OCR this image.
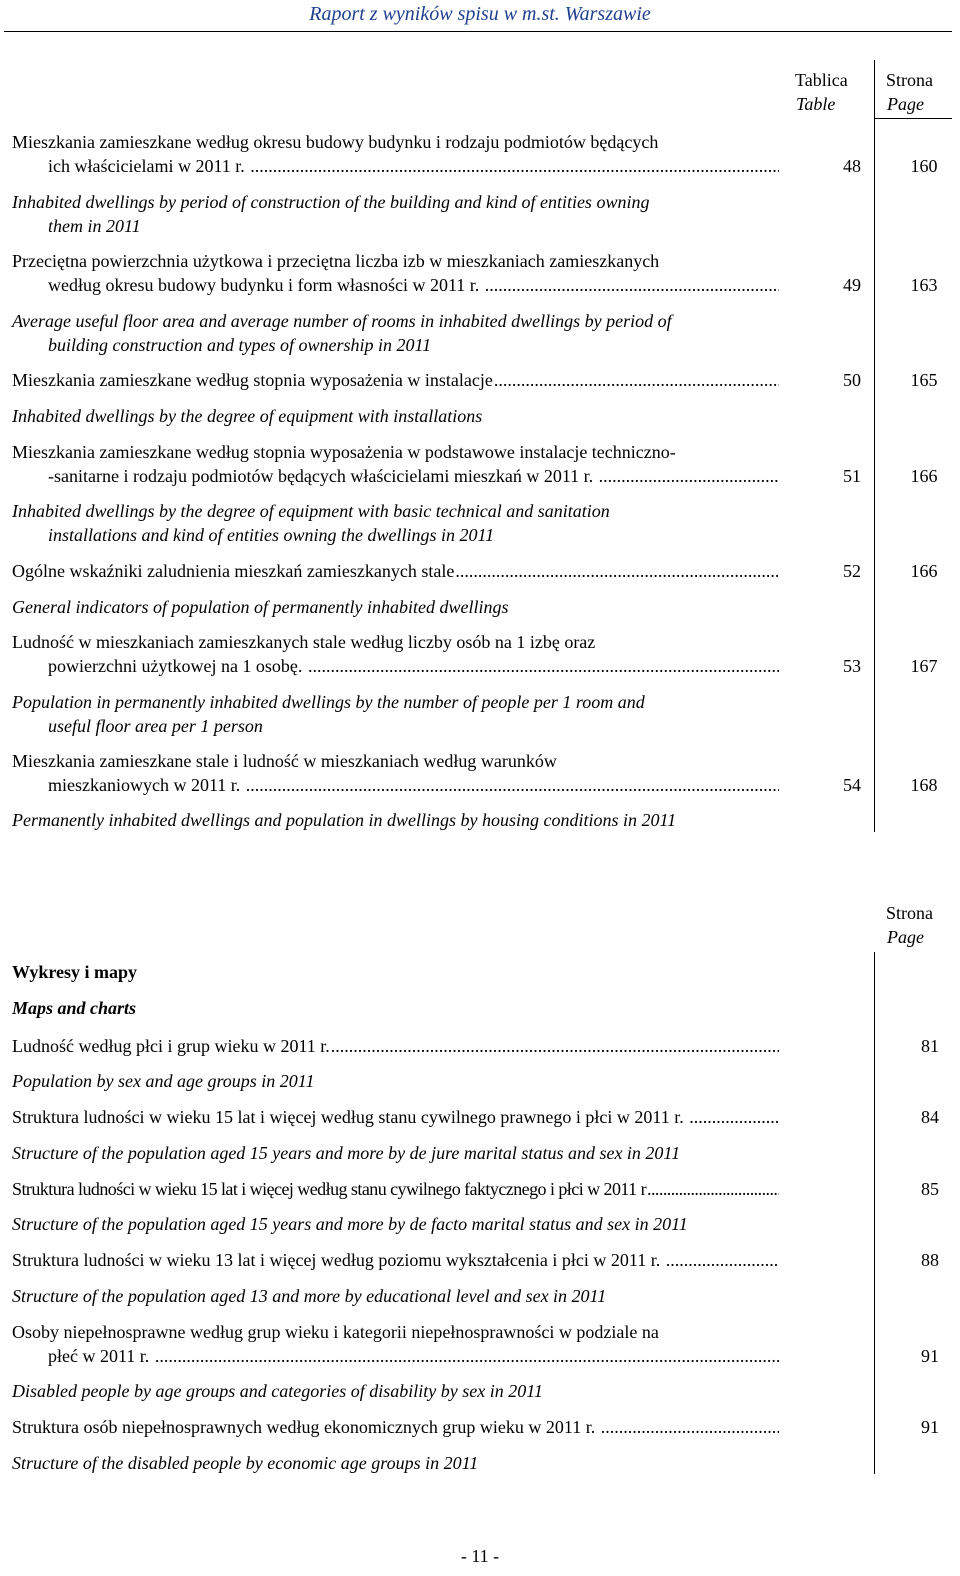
Raport z wyników spisu w m.st. Warszawie
Tablica
Table
Strona
Page
Strona
Page
Wykresy i mapy
Maps and charts
- 11 -
Mieszkania zamieszkane według okresu budowy budynku i rodzaju podmiotów będących
ich właścicielami w 2011 r. .....	48	160
Inhabited dwellings by period of construction of the building and kind of entities owning
them in 2011
Przeciętna powierzchnia użytkowa i przeciętna liczba izb w mieszkaniach zamieszkanych
według okresu budowy budynku i form własności w 2011 r. .....	49	163
Average useful floor area and average number of rooms in inhabited dwellings by period of
building construction and types of ownership in 2011
Mieszkania zamieszkane według stopnia wyposażenia w instalacje .....	50	165
Inhabited dwellings by the degree of equipment with installations
Mieszkania zamieszkane według stopnia wyposażenia w podstawowe instalacje techniczno-
-sanitarne i rodzaju podmiotów będących właścicielami mieszkań w 2011 r. .....	51	166
Inhabited dwellings by the degree of equipment with basic technical and sanitation
installations and kind of entities owning the dwellings in 2011
Ogólne wskaźniki zaludnienia mieszkań zamieszkanych stale .....	52	166
General indicators of population of permanently inhabited dwellings
Ludność w mieszkaniach zamieszkanych stale według liczby osób na 1 izbę oraz
powierzchni użytkowej na 1 osobę. .....	53	167
Population in permanently inhabited dwellings by the number of people per 1 room and
useful floor area per 1 person
Mieszkania zamieszkane stale i ludność w mieszkaniach według warunków
mieszkaniowych w 2011 r. .....	54	168
Permanently inhabited dwellings and population in dwellings by housing conditions in 2011
Ludność według płci i grup wieku w 2011 r. .....	81
Population by sex and age groups in 2011
Struktura ludności w wieku 15 lat i więcej według stanu cywilnego prawnego i płci w 2011 r. .....	84
Structure of the population aged 15 years and more by de jure marital status and sex in 2011
Struktura ludności w wieku 15 lat i więcej według stanu cywilnego faktycznego i płci w 2011 r .....	85
Structure of the population aged 15 years and more by de facto marital status and sex in 2011
Struktura ludności w wieku 13 lat i więcej według poziomu wykształcenia i płci w 2011 r. .....	88
Structure of the population aged 13 and more by educational level and sex in 2011
Osoby niepełnosprawne według grup wieku i kategorii niepełnosprawności w podziale na
płeć w 2011 r. .....	91
Disabled people by age groups and categories of disability by sex in 2011
Struktura osób niepełnosprawnych według ekonomicznych grup wieku w 2011 r. .....	91
Structure of the disabled people by economic age groups in 2011
